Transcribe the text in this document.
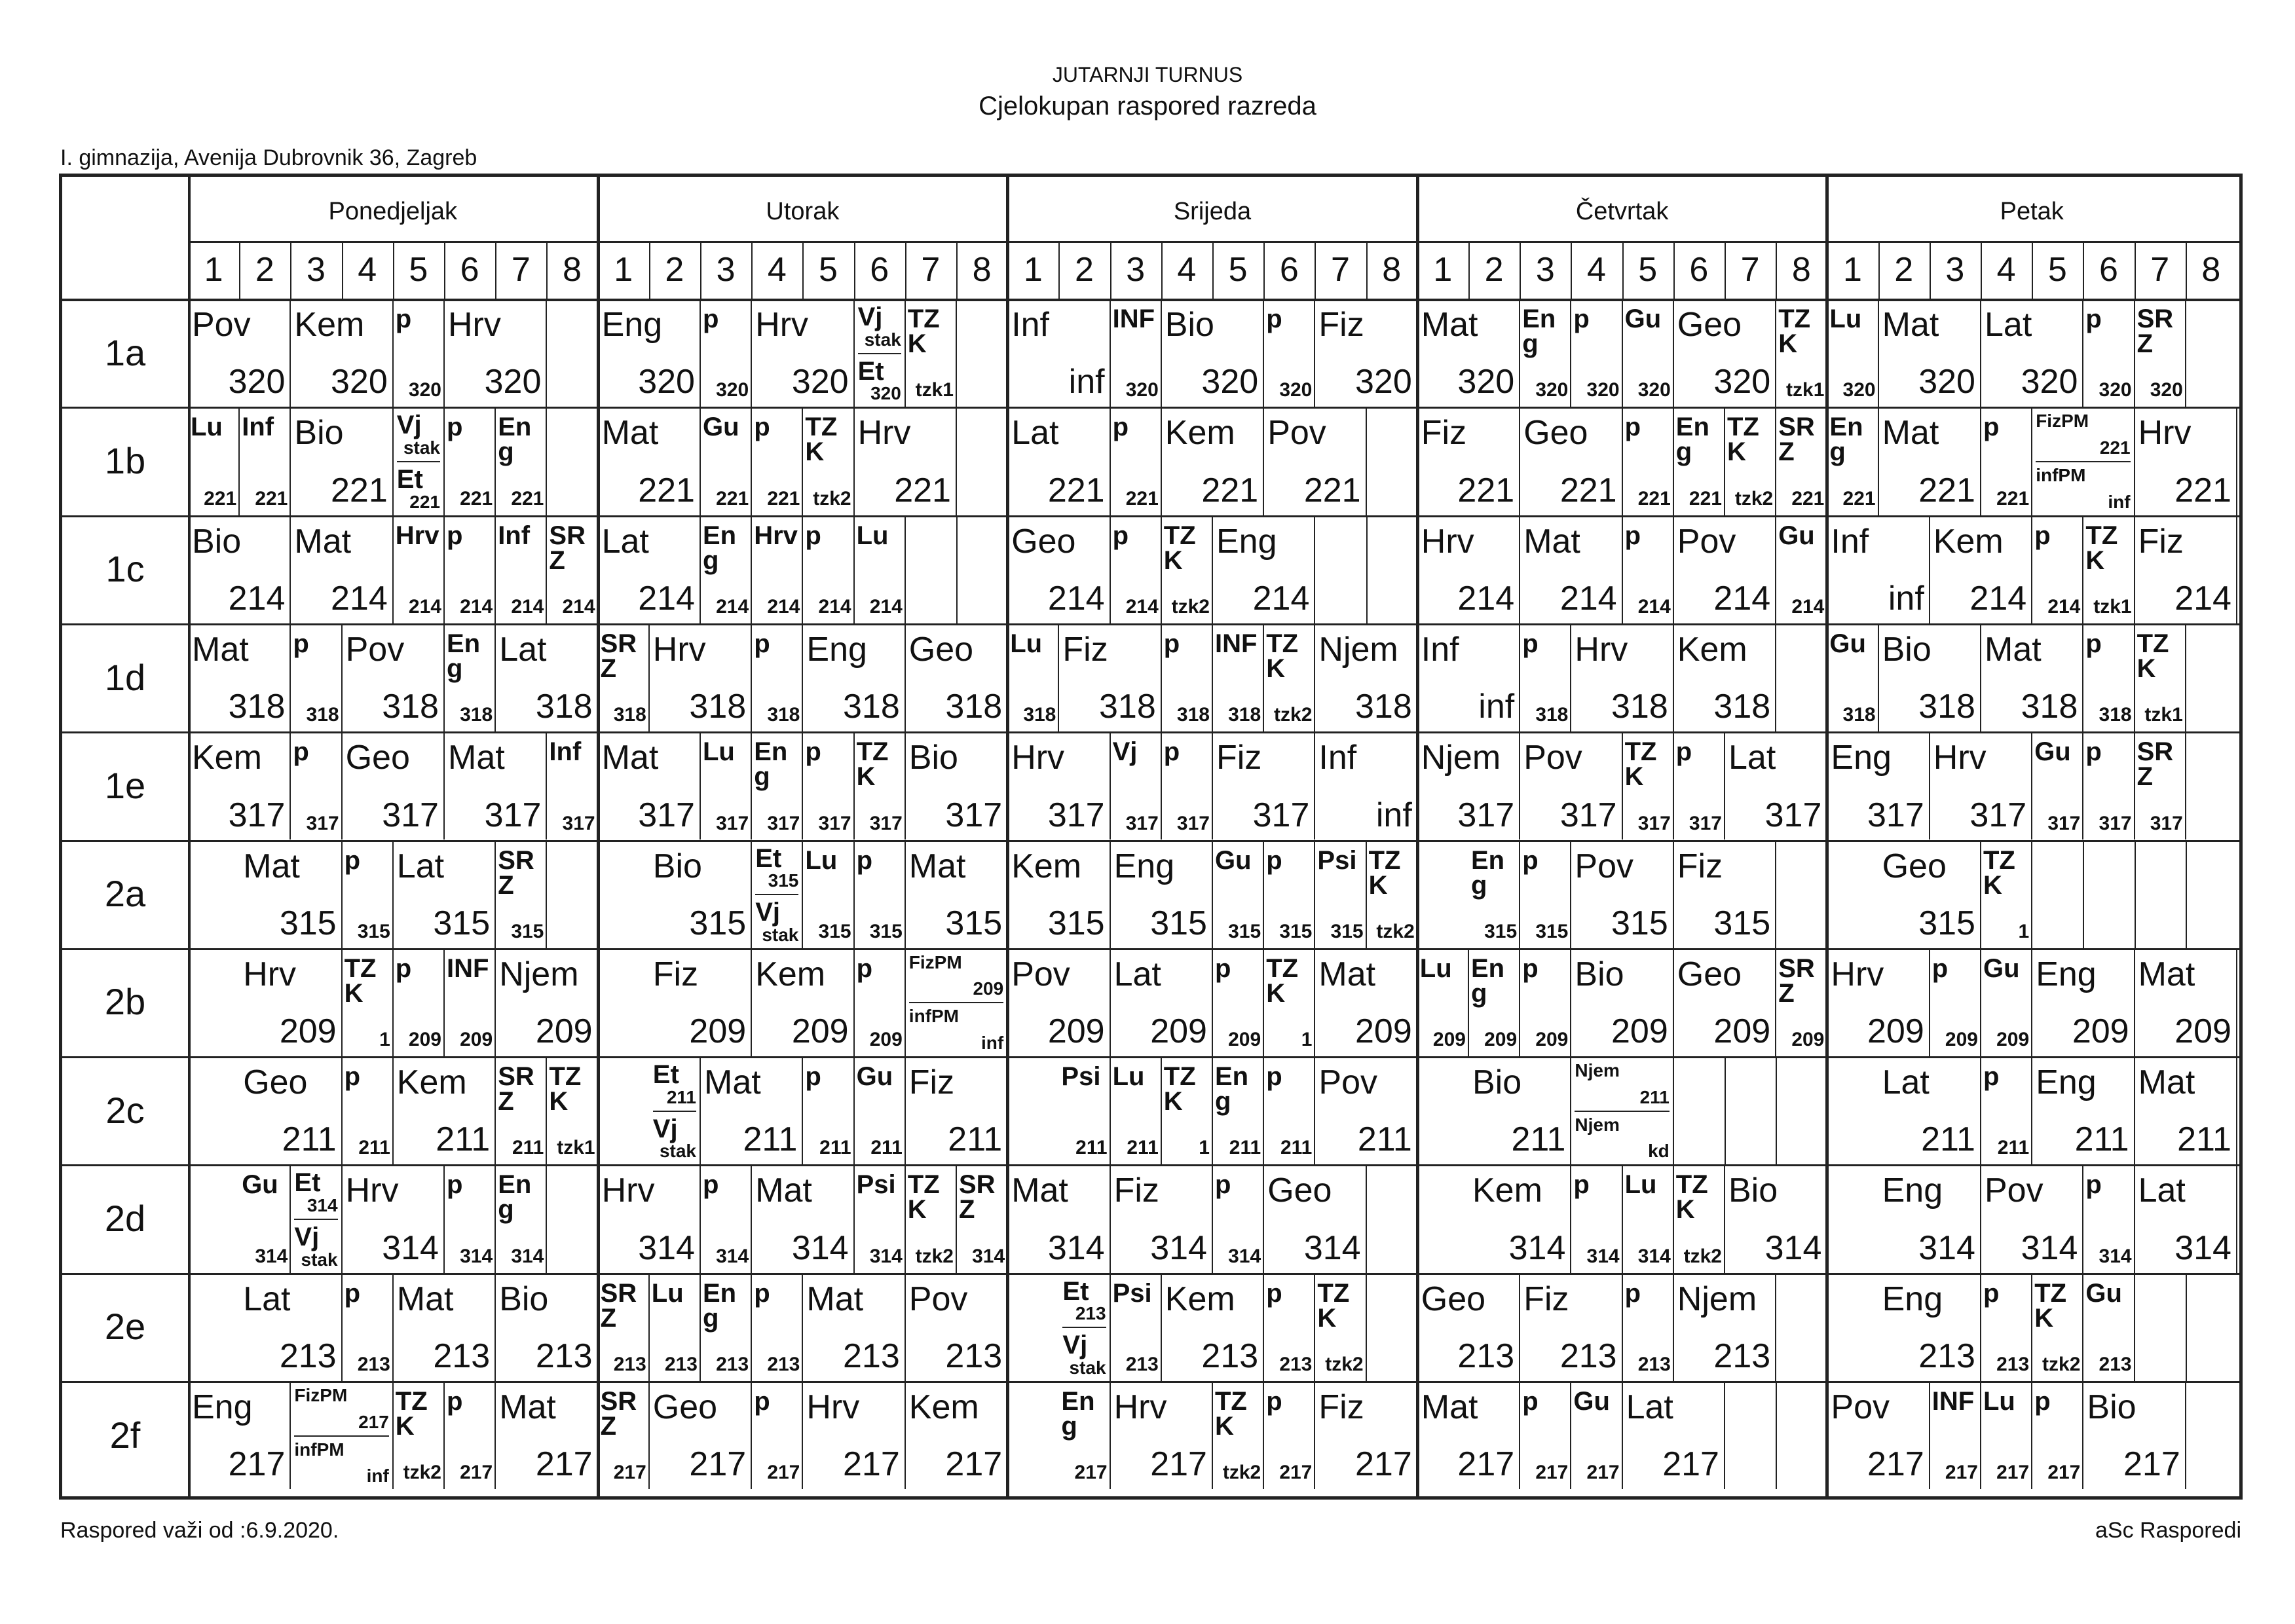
JUTARNJI TURNUS
Cjelokupan raspored razreda
I. gimnazija, Avenija Dubrovnik 36, Zagreb
Ponedjeljak
1 2 3 4 5 6 7 8
Utorak
1 2 3 4 5 6 7 8
Srijeda
1 2 3 4 5 6 7 8
Četvrtak
1 2 3 4 5 6 7 8
Petak
1 2 3 4 5 6 7 8
1a
Pov
320
Kem
320
p
320
Hrv
320
Eng
320
p
320
Hrv
320
Vj
stak
Et
320
TZK
tzk1
Inf
inf
INF
320
Bio
320
p
320
Fiz
320
Mat
320
Eng
320
p
320
Gu
320
Geo
320
TZK
tzk1
Lu
320
Mat
320
Lat
320
p
320
SRZ
320
1b
Lu
221
Inf
221
Bio
221
Vj
stak
Et
221
p
221
Eng
221
Mat
221
Gu
221
p
221
TZK
tzk2
Hrv
221
Lat
221
p
221
Kem
221
Pov
221
Fiz
221
Geo
221
p
221
Eng
221
TZK
tzk2
SRZ
221
Eng
221
Mat
221
p
221
FizPM
221
infPM
inf
Hrv
221
1c
Bio
214
Mat
214
Hrv
214
p
214
Inf
214
SRZ
214
Lat
214
Eng
214
Hrv
214
p
214
Lu
214
Geo
214
p
214
TZK
tzk2
Eng
214
Hrv
214
Mat
214
p
214
Pov
214
Gu
214
Inf
inf
Kem
214
p
214
TZK
tzk1
Fiz
214
1d
Mat
318
p
318
Pov
318
Eng
318
Lat
318
SRZ
318
Hrv
318
p
318
Eng
318
Geo
318
Lu
318
Fiz
318
p
318
INF
318
TZK
tzk2
Njem
318
Inf
inf
p
318
Hrv
318
Kem
318
Gu
318
Bio
318
Mat
318
p
318
TZK
tzk1
1e
Kem
317
p
317
Geo
317
Mat
317
Inf
317
Mat
317
Lu
317
Eng
317
p
317
TZK
317
Bio
317
Hrv
317
Vj
317
p
317
Fiz
317
Inf
inf
Njem
317
Pov
317
TZK
317
p
317
Lat
317
Eng
317
Hrv
317
Gu
317
p
317
SRZ
317
2a
Mat
315
p
315
Lat
315
SRZ
315
Bio
315
Et
315
Vj
stak
Lu
315
p
315
Mat
315
Kem
315
Eng
315
Gu
315
p
315
Psi
315
TZK
tzk2
Eng
315
p
315
Pov
315
Fiz
315
Geo
315
TZK
1
2b
Hrv
209
TZK
1
p
209
INF
209
Njem
209
Fiz
209
Kem
209
p
209
FizPM
209
infPM
inf
Pov
209
Lat
209
p
209
TZK
1
Mat
209
Lu
209
Eng
209
p
209
Bio
209
Geo
209
SRZ
209
Hrv
209
p
209
Gu
209
Eng
209
Mat
209
2c
Geo
211
p
211
Kem
211
SRZ
211
TZK
tzk1
Et
211
Vj
stak
Mat
211
p
211
Gu
211
Fiz
211
Psi
211
Lu
211
TZK
1
Eng
211
p
211
Pov
211
Bio
211
Njem
211
Njem
kd
Lat
211
p
211
Eng
211
Mat
211
2d
Gu
314
Et
314
Vj
stak
Hrv
314
p
314
Eng
314
Hrv
314
p
314
Mat
314
Psi
314
TZK
tzk2
SRZ
314
Mat
314
Fiz
314
p
314
Geo
314
Kem
314
p
314
Lu
314
TZK
tzk2
Bio
314
Eng
314
Pov
314
p
314
Lat
314
2e
Lat
213
p
213
Mat
213
Bio
213
SRZ
213
Lu
213
Eng
213
p
213
Mat
213
Pov
213
Et
213
Vj
stak
Psi
213
Kem
213
p
213
TZK
tzk2
Geo
213
Fiz
213
p
213
Njem
213
Eng
213
p
213
TZK
tzk2
Gu
213
2f
Eng
217
FizPM
217
infPM
inf
TZK
tzk2
p
217
Mat
217
SRZ
217
Geo
217
p
217
Hrv
217
Kem
217
Eng
217
Hrv
217
TZK
tzk2
p
217
Fiz
217
Mat
217
p
217
Gu
217
Lat
217
Pov
217
INF
217
Lu
217
p
217
Bio
217
Raspored važi od :6.9.2020.	aSc Rasporedi
